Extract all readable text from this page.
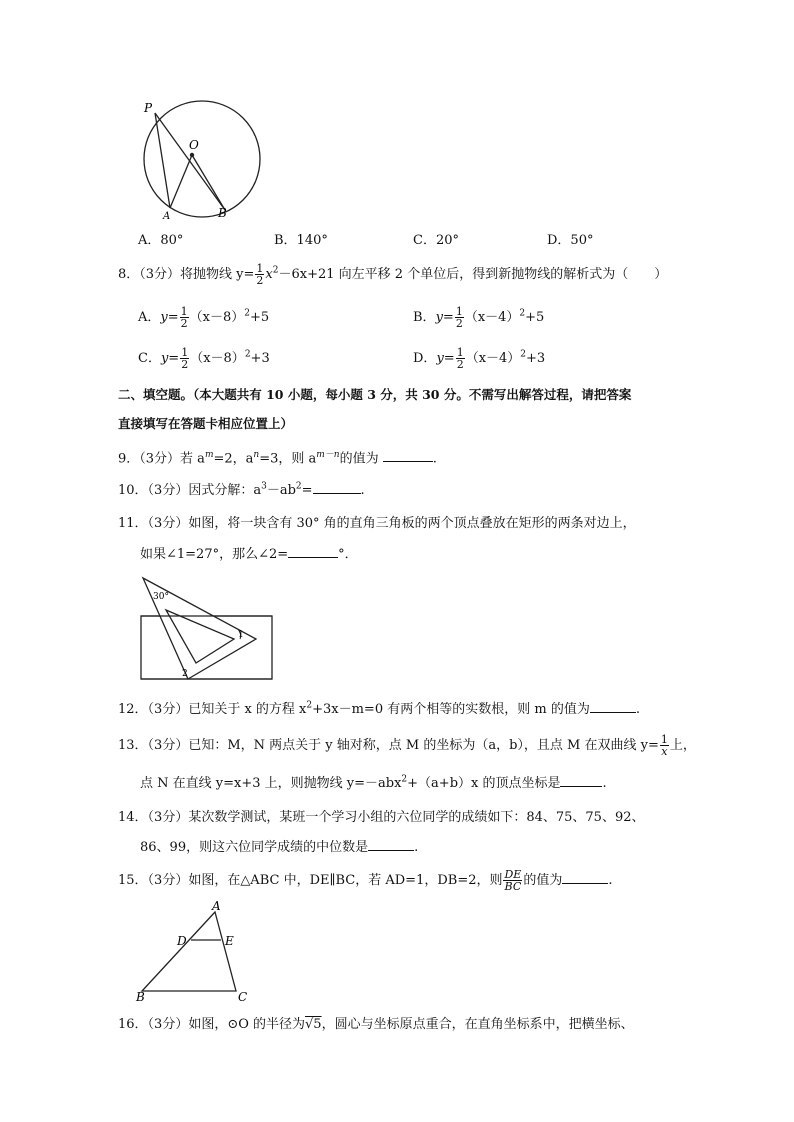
P
O
A	B
A．80°	B．140°	C．20°	D．50°
8．（3分）将抛物线 $y= \frac{1}{2} x^2-6x+21$ 向左平移 2 个单位后，得到新抛物线的解析式为（　　）
A．$y= \frac{1}{2} (x-8)^2+5$	B．$y= \frac{1}{2} (x-4)^2+5$
C．$y= \frac{1}{2} (x-8)^2+3$	D．$y= \frac{1}{2} (x-4)^2+3$
二、填空题。（本大题共有 10 小题，每小题 3 分，共 30 分。不需写出解答过程，请把答案
直接填写在答题卡相应位置上）
9．（3分）若 $a^m=2$，$a^n=3$，则 $a^{m-n}$的值为	.
10．（3分）因式分解：$a^3-ab^2=$	.
11．（3分）如图，将一块含有 30° 角的直角三角板的两个顶点叠放在矩形的两条对边上，
如果∠1=27°，那么∠2=	°．
30°
1
2
12．（3分）已知关于 x 的方程 $x^2+3x-m=0$ 有两个相等的实数根，则 m 的值为	.
13．（3分）已知：M，N 两点关于 y 轴对称，点 M 的坐标为（a，b），且点 M 在双曲线 $y= \frac{1}{x}$ 上，
点 N 在直线 y=x+3 上，则抛物线 y=－abx$^2$+（a+b）x 的顶点坐标是	.
14．（3分）某次数学测试，某班一个学习小组的六位同学的成绩如下：84、75、75、92、
86、99，则这六位同学成绩的中位数是	.
15．（3分）如图，在△ABC 中，DE∥BC，若 AD=1，DB=2，则 $\frac{DE}{BC}$ 的值为	.
A
D	E
B	C
16．（3分）如图，⊙O 的半径为√5，圆心与坐标原点重合，在直角坐标系中，把横坐标、
